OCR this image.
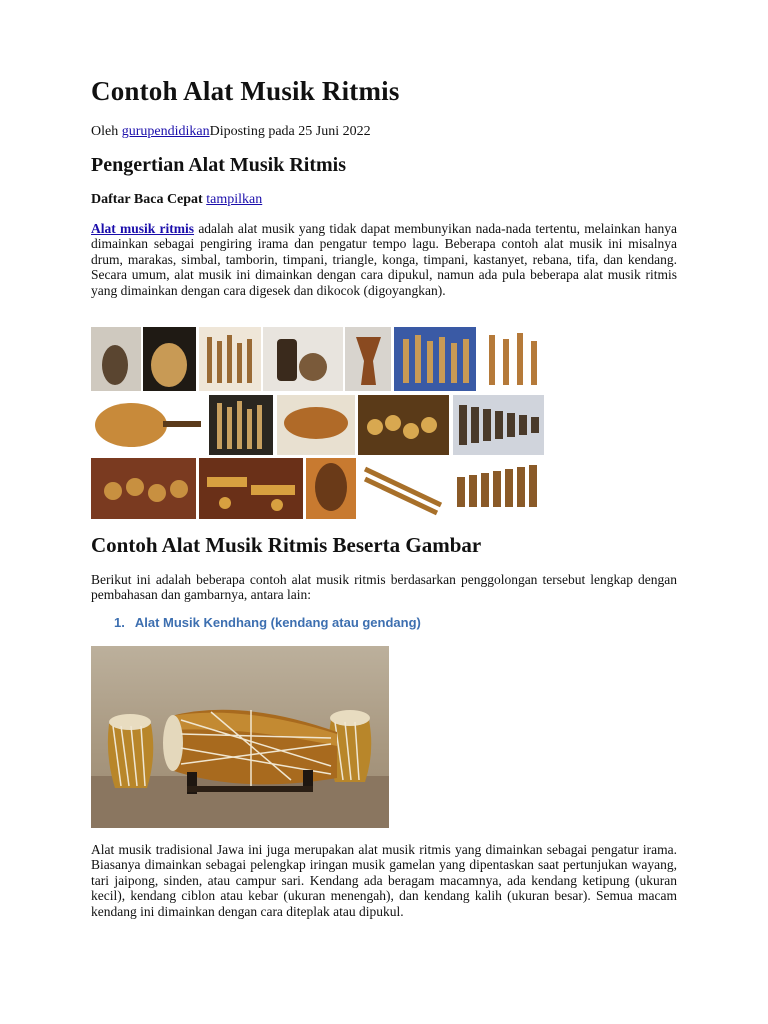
Contoh Alat Musik Ritmis
Oleh gurupendidikanDiposting pada 25 Juni 2022
Pengertian Alat Musik Ritmis
Daftar Baca Cepat tampilkan

Alat musik ritmis adalah alat musik yang tidak dapat membunyikan nada-nada tertentu, melainkan hanya dimainkan sebagai pengiring irama dan pengatur tempo lagu. Beberapa contoh alat musik ini misalnya drum, marakas, simbal, tamborin, timpani, triangle, konga, timpani, kastanyet, rebana, tifa, dan kendang. Secara umum, alat musik ini dimainkan dengan cara dipukul, namun ada pula beberapa alat musik ritmis yang dimainkan dengan cara digesek dan dikocok (digoyangkan).

Contoh Alat Musik Ritmis Beserta Gambar

Berikut ini adalah beberapa contoh alat musik ritmis berdasarkan penggolongan tersebut lengkap dengan pembahasan dan gambarnya, antara lain:

1. Alat Musik Kendhang (kendang atau gendang)

Alat musik tradisional Jawa ini juga merupakan alat musik ritmis yang dimainkan sebagai pengatur irama. Biasanya dimainkan sebagai pelengkap iringan musik gamelan yang dipentaskan saat pertunjukan wayang, tari jaipong, sinden, atau campur sari. Kendang ada beragam macamnya, ada kendang ketipung (ukuran kecil), kendang ciblon atau kebar (ukuran menengah), dan kendang kalih (ukuran besar). Semua macam kendang ini dimainkan dengan cara diteplak atau dipukul.
